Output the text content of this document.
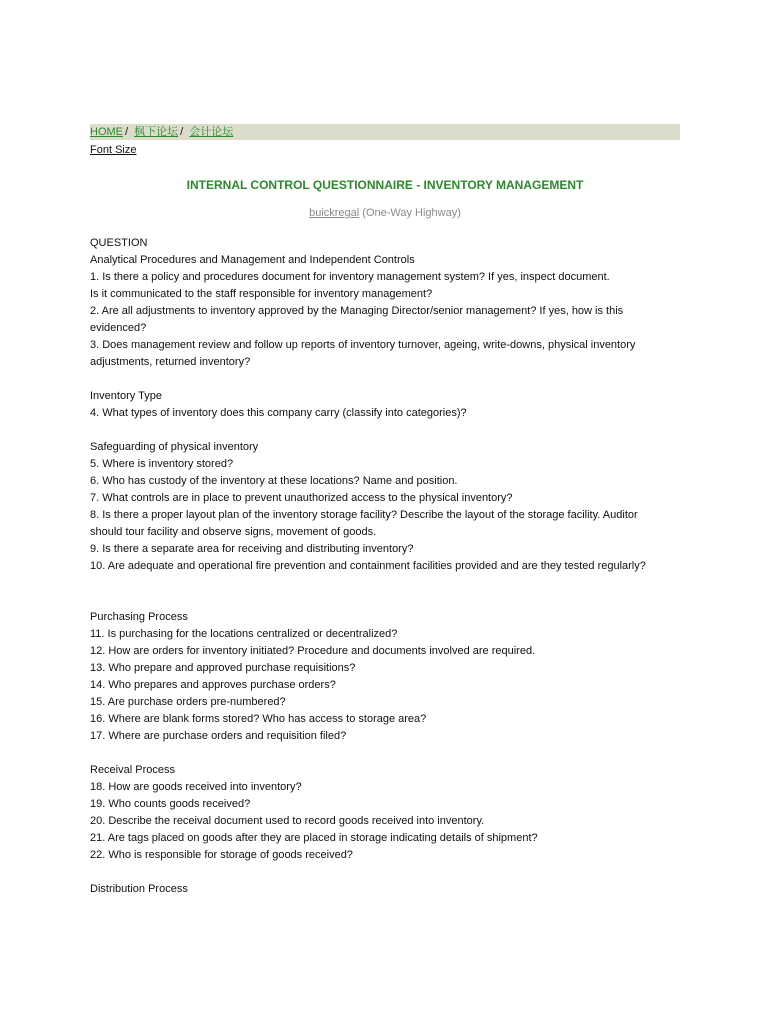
HOME / 枫下论坛 / 会计论坛
Font Size
INTERNAL CONTROL QUESTIONNAIRE - INVENTORY MANAGEMENT
buickregal (One-Way Highway)

QUESTION

Analytical Procedures and Management and Independent Controls

1. Is there a policy and procedures document for inventory management system? If yes, inspect document.

Is it communicated to the staff responsible for inventory management?

2. Are all adjustments to inventory approved by the Managing Director/senior management? If yes, how is this

evidenced?

3. Does management review and follow up reports of inventory turnover, ageing, write-downs, physical inventory

adjustments, returned inventory?

Inventory Type

4. What types of inventory does this company carry (classify into categories)?

Safeguarding of physical inventory

5. Where is inventory stored?

6. Who has custody of the inventory at these locations? Name and position.

7. What controls are in place to prevent unauthorized access to the physical inventory?

8. Is there a proper layout plan of the inventory storage facility? Describe the layout of the storage facility. Auditor

should tour facility and observe signs, movement of goods.

9. Is there a separate area for receiving and distributing inventory?

10. Are adequate and operational fire prevention and containment facilities provided and are they tested regularly?

Purchasing Process

11. Is purchasing for the locations centralized or decentralized?

12. How are orders for inventory initiated? Procedure and documents involved are required.

13. Who prepare and approved purchase requisitions?

14. Who prepares and approves purchase orders?

15. Are purchase orders pre-numbered?

16. Where are blank forms stored? Who has access to storage area?

17. Where are purchase orders and requisition filed?

Receival Process

18. How are goods received into inventory?

19. Who counts goods received?

20. Describe the receival document used to record goods received into inventory.

21. Are tags placed on goods after they are placed in storage indicating details of shipment?

22. Who is responsible for storage of goods received?

Distribution Process
